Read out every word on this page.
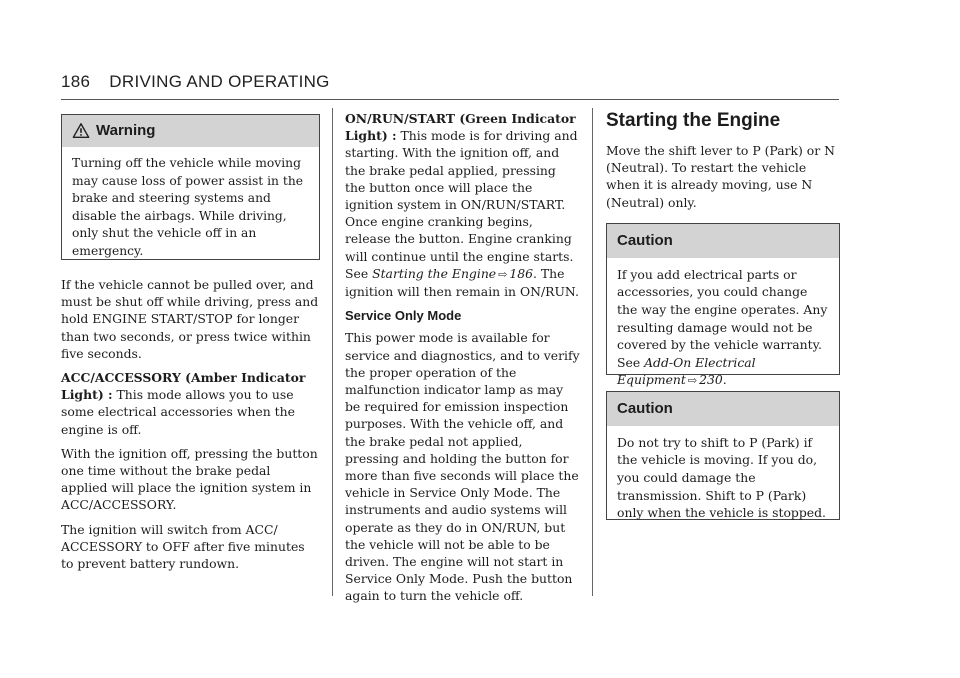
186 DRIVING AND OPERATING
Warning
Turning off the vehicle while moving may cause loss of power assist in the brake and steering systems and disable the airbags. While driving, only shut the vehicle off in an emergency.

If the vehicle cannot be pulled over, and must be shut off while driving, press and hold ENGINE START/STOP for longer than two seconds, or press twice within five seconds.

ACC/ACCESSORY (Amber Indicator Light) : This mode allows you to use some electrical accessories when the engine is off.

With the ignition off, pressing the button one time without the brake pedal applied will place the ignition system in ACC/ACCESSORY.

The ignition will switch from ACC/ ACCESSORY to OFF after five minutes to prevent battery rundown.

ON/RUN/START (Green Indicator Light) : This mode is for driving and starting. With the ignition off, and the brake pedal applied, pressing the button once will place the ignition system in ON/RUN/START. Once engine cranking begins, release the button. Engine cranking will continue until the engine starts. See Starting the Engine ⇨ 186. The ignition will then remain in ON/RUN.

Service Only Mode

This power mode is available for service and diagnostics, and to verify the proper operation of the malfunction indicator lamp as may be required for emission inspection purposes. With the vehicle off, and the brake pedal not applied, pressing and holding the button for more than five seconds will place the vehicle in Service Only Mode. The instruments and audio systems will operate as they do in ON/RUN, but the vehicle will not be able to be driven. The engine will not start in Service Only Mode. Push the button again to turn the vehicle off.

Starting the Engine

Move the shift lever to P (Park) or N (Neutral). To restart the vehicle when it is already moving, use N (Neutral) only.

Caution
If you add electrical parts or accessories, you could change the way the engine operates. Any resulting damage would not be covered by the vehicle warranty. See Add-On Electrical Equipment ⇨ 230.
Caution
Do not try to shift to P (Park) if the vehicle is moving. If you do, you could damage the transmission. Shift to P (Park) only when the vehicle is stopped.
